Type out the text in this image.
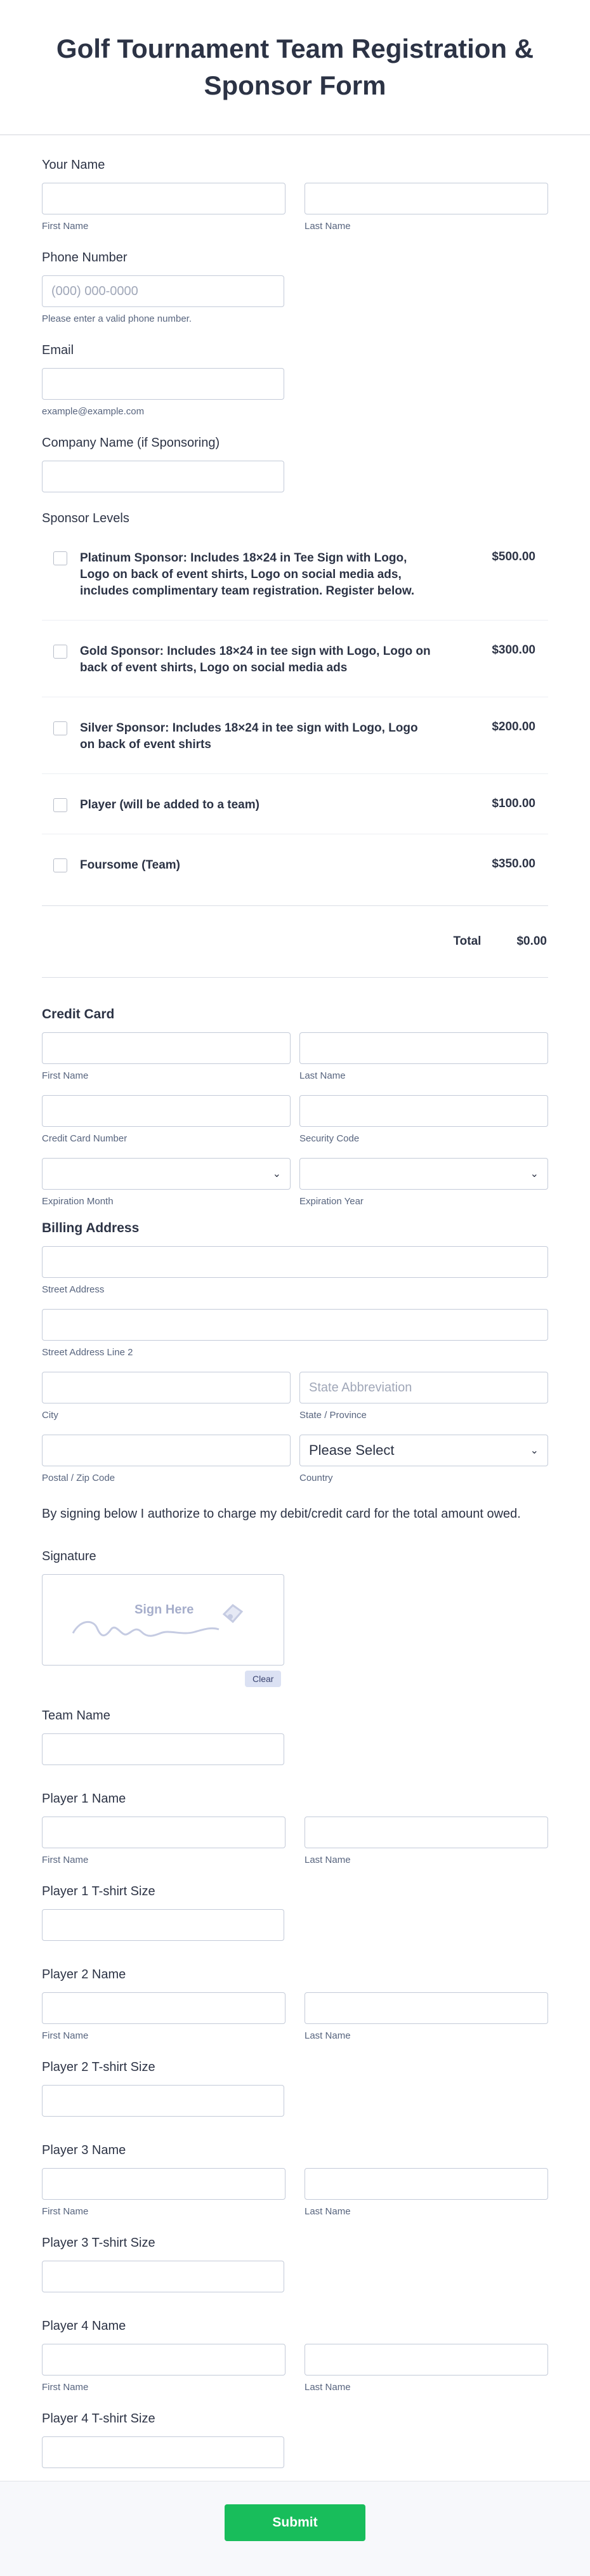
Golf Tournament Team Registration & Sponsor Form
Your Name
First Name	Last Name
Phone Number
(000) 000-0000
Please enter a valid phone number.
Email
example@example.com
Company Name (if Sponsoring)
Sponsor Levels
Platinum Sponsor: Includes 18×24 in Tee Sign with Logo, Logo on back of event shirts, Logo on social media ads, includes complimentary team registration. Register below.
$500.00
Gold Sponsor: Includes 18×24 in tee sign with Logo, Logo on back of event shirts, Logo on social media ads
$300.00
Silver Sponsor: Includes 18×24 in tee sign with Logo, Logo on back of event shirts
$200.00
Player (will be added to a team)	$100.00
Foursome (Team)	$350.00
Total	$0.00
Credit Card
First Name	Last Name
Credit Card Number	Security Code
⌄
Expiration Month
⌄
Expiration Year
Billing Address
Street Address
Street Address Line 2
City
State Abbreviation	State / Province
Postal / Zip Code
Please Select	⌄
Country

By signing below I authorize to charge my debit/credit card for the total amount owed.

Signature
Sign Here
Clear
Team Name
Player 1 Name
First Name	Last Name
Player 1 T-shirt Size
Player 2 Name
First Name	Last Name
Player 2 T-shirt Size
Player 3 Name
First Name	Last Name
Player 3 T-shirt Size
Player 4 Name
First Name	Last Name
Player 4 T-shirt Size
Submit
